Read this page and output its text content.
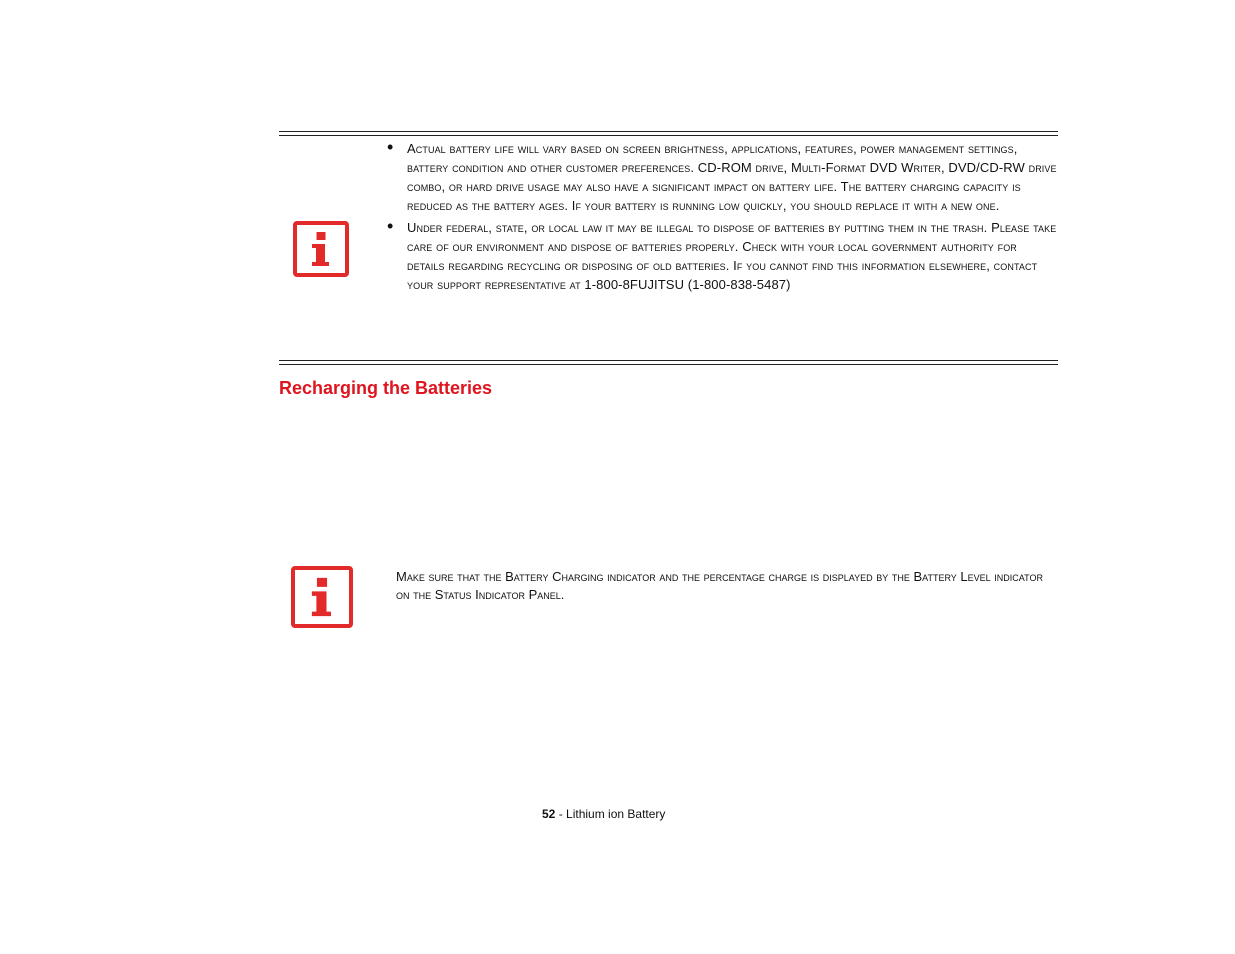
• Actual battery life will vary based on screen brightness, applications, features, power management settings, battery condition and other customer preferences. CD-ROM drive, Multi-Format DVD Writer, DVD/CD-RW drive combo, or hard drive usage may also have a significant impact on battery life. The battery charging capacity is reduced as the battery ages. If your battery is running low quickly, you should replace it with a new one.
• Under federal, state, or local law it may be illegal to dispose of batteries by putting them in the trash. Please take care of our environment and dispose of batteries properly. Check with your local government authority for details regarding recycling or disposing of old batteries. If you cannot find this information elsewhere, contact your support representative at 1-800-8FUJITSU (1-800-838-5487)
Recharging the Batteries

Make sure that the Battery Charging indicator and the percentage charge is displayed by the Battery Level indicator on the Status Indicator Panel.

52 - Lithium ion Battery
